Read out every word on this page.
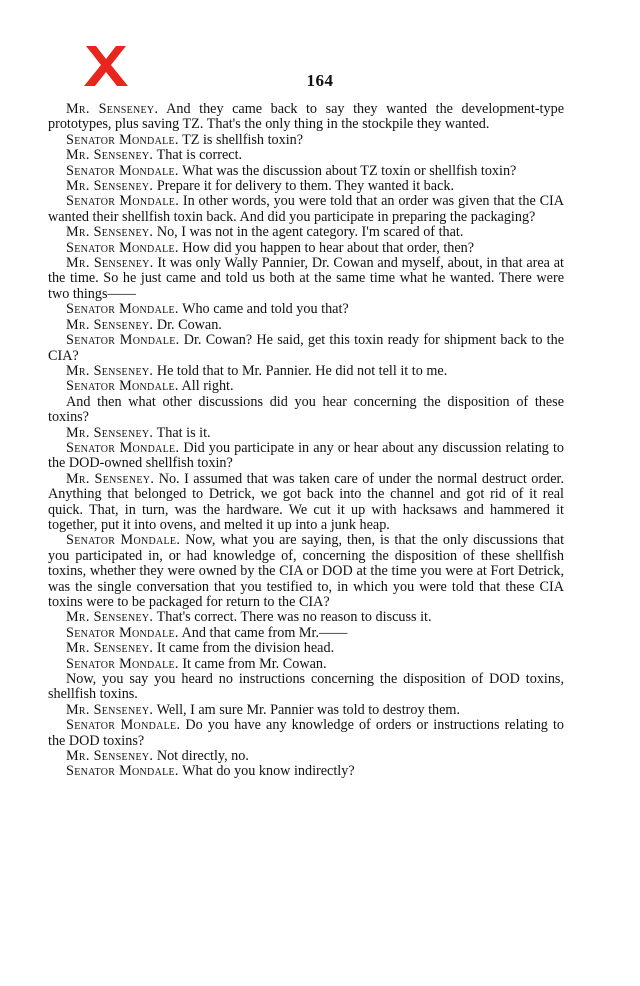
164

Mr. Senseney. And they came back to say they wanted the development-type prototypes, plus saving TZ. That's the only thing in the stockpile they wanted.

Senator Mondale. TZ is shellfish toxin?

Mr. Senseney. That is correct.

Senator Mondale. What was the discussion about TZ toxin or shellfish toxin?

Mr. Senseney. Prepare it for delivery to them. They wanted it back.

Senator Mondale. In other words, you were told that an order was given that the CIA wanted their shellfish toxin back. And did you participate in preparing the packaging?

Mr. Senseney. No, I was not in the agent category. I'm scared of that.

Senator Mondale. How did you happen to hear about that order, then?

Mr. Senseney. It was only Wally Pannier, Dr. Cowan and myself, about, in that area at the time. So he just came and told us both at the same time what he wanted. There were two things——

Senator Mondale. Who came and told you that?

Mr. Senseney. Dr. Cowan.

Senator Mondale. Dr. Cowan? He said, get this toxin ready for shipment back to the CIA?

Mr. Senseney. He told that to Mr. Pannier. He did not tell it to me.

Senator Mondale. All right.

And then what other discussions did you hear concerning the disposition of these toxins?

Mr. Senseney. That is it.

Senator Mondale. Did you participate in any or hear about any discussion relating to the DOD-owned shellfish toxin?

Mr. Senseney. No. I assumed that was taken care of under the normal destruct order. Anything that belonged to Detrick, we got back into the channel and got rid of it real quick. That, in turn, was the hardware. We cut it up with hacksaws and hammered it together, put it into ovens, and melted it up into a junk heap.

Senator Mondale. Now, what you are saying, then, is that the only discussions that you participated in, or had knowledge of, concerning the disposition of these shellfish toxins, whether they were owned by the CIA or DOD at the time you were at Fort Detrick, was the single conversation that you testified to, in which you were told that these CIA toxins were to be packaged for return to the CIA?

Mr. Senseney. That's correct. There was no reason to discuss it.

Senator Mondale. And that came from Mr.——

Mr. Senseney. It came from the division head.

Senator Mondale. It came from Mr. Cowan.

Now, you say you heard no instructions concerning the disposition of DOD toxins, shellfish toxins.

Mr. Senseney. Well, I am sure Mr. Pannier was told to destroy them.

Senator Mondale. Do you have any knowledge of orders or instructions relating to the DOD toxins?

Mr. Senseney. Not directly, no.

Senator Mondale. What do you know indirectly?
